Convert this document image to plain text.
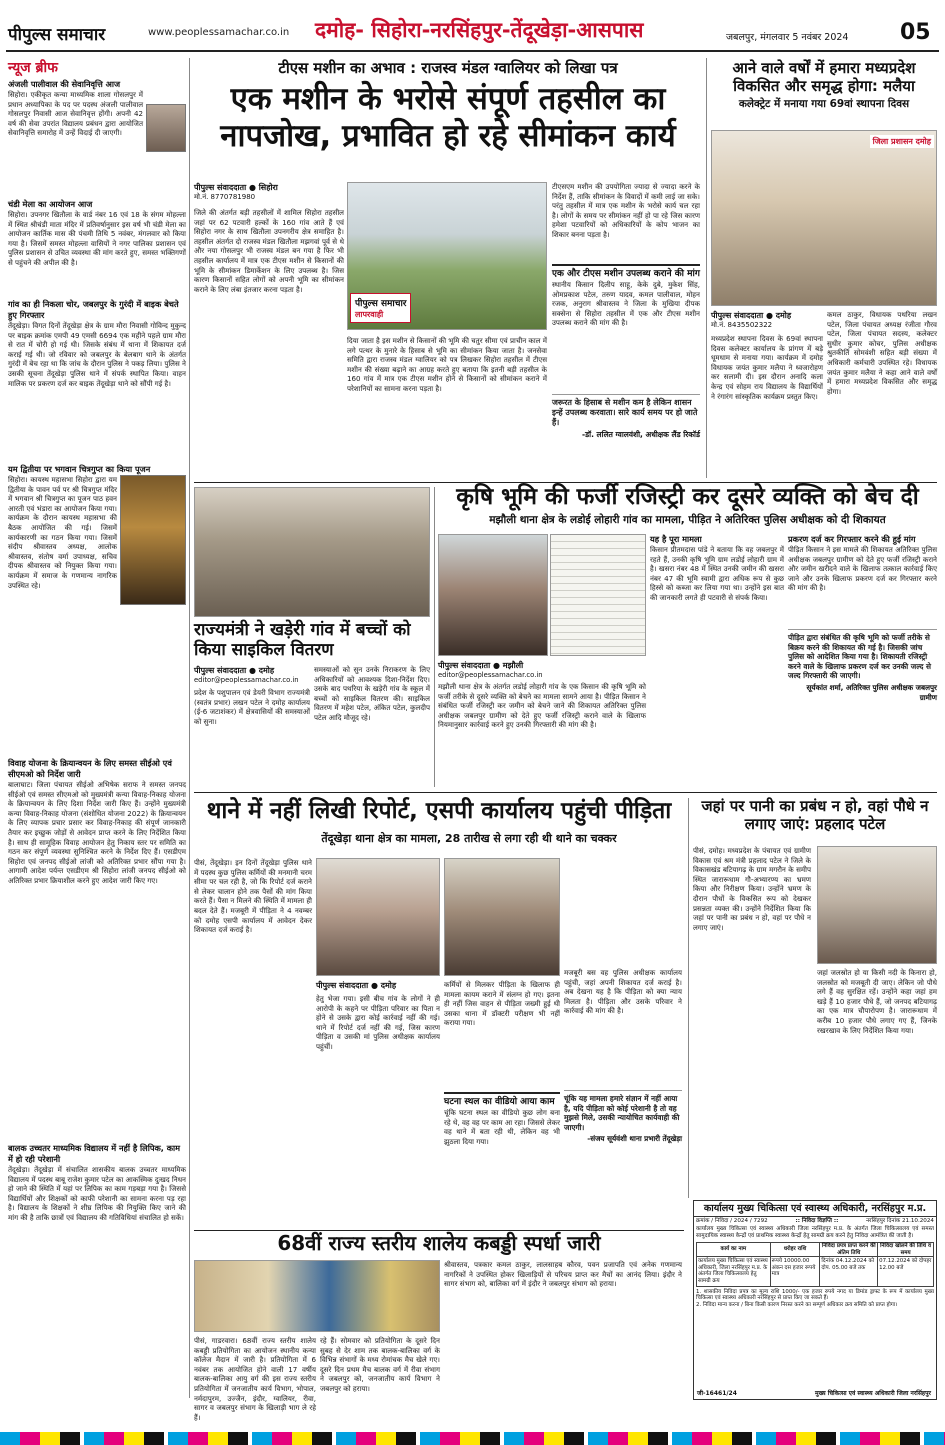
पीपुल्स समाचार	www.peoplessamachar.co.in दमोह- सिहोरा-नरसिंहपुर-तेंदूखेड़ा-आसपास	जबलपुर, मंगलवार 5 नवंबर 2024 05
न्यूज ब्रीफ
अंजली पालीवाल की सेवानिवृत्ति आज
सिहोरा। एकीकृत कन्या माध्यमिक शाला गोसलपुर में प्रधान अध्यापिका के पद पर पदस्थ अंजली पालीवाल गोसलपुर निवासी आज सेवानिवृत्त होंगी। अपनी 42 वर्ष की सेवा उपरांत विद्यालय प्रबंधन द्वारा आयोजित सेवानिवृत्ति समारोह में उन्हें विदाई दी जाएगी।
चंडी मेला का आयोजन आज
सिहोरा। उपनगर खितौला के वार्ड नंबर 16 एवं 18 के संगम मोहल्ला में स्थित श्रीचंडी माता मंदिर में प्रतिवर्षानुसार इस वर्ष भी चंडी मेला का आयोजन कार्तिक मास की पंचमी तिथि 5 नवंबर, मंगलवार को किया गया है। जिसमें समस्त मोहल्ला वासियों ने नगर पालिका प्रशासन एवं पुलिस प्रशासन से उचित व्यवस्था की मांग करते हुए, समस्त भक्तिगणों से पहुंचने की अपील की है।
गांव का ही निकला चोर, जबलपुर के गुरंदी में बाइक बेचते हुए गिरफ्तार
तेंदूखेड़ा। विगत दिनों तेंदूखेड़ा क्षेत्र के ग्राम मौरा निवासी गोविन्द मुकुन्द पर बाइक क्रमांक एमपी 49 एमसी 6694 एक महीने पहले ग्राम मौरा से रात में चोरी हो गई थी। जिसके संबंध में थाना में शिकायत दर्ज कराई गई थी। जो रविवार को जबलपुर के बेलबाग थाने के अंतर्गत गुरंदी में बेच रहा था कि जांच के दौरान पुलिस ने पकड़ लिया। पुलिस ने उसकी सूचना तेंदूखेड़ा पुलिस थाने में संपर्क स्थापित किया। वाहन मालिक पर प्रकरण दर्ज कर बाइक तेंदूखेड़ा थाने को सौंपी गई है।
यम द्वितीया पर भगवान चित्रगुप्त का किया पूजन
सिहोरा। कायस्थ महासभा सिहोरा द्वारा यम द्वितीया के पावन पर्व पर श्री चित्रगुप्त मंदिर में भगवान श्री चित्रगुप्त का पूजन पाठ हवन आरती एवं भंडारा का आयोजन किया गया। कार्यक्रम के दौरान कायस्थ महासभा की बैठक आयोजित की गई। जिसमें कार्यकारणी का गठन किया गया। जिसमें संदीप श्रीवास्तव अध्यक्ष, आलोक श्रीवास्तव, संतोष वर्मा उपाध्यक्ष, सचिव दीपक श्रीवास्तव को नियुक्त किया गया। कार्यक्रम में समाज के गणमान्य नागरिक उपस्थित रहे।
विवाह योजना के क्रियान्वयन के लिए समस्त सीईओ एवं सीएमओ को निर्देश जारी
बालाघाट। जिला पंचायत सीईओ अभिषेक सराफ ने समस्त जनपद सीईओ एवं समस्त सीएमओ को मुख्यमंत्री कन्या विवाह-निकाह योजना के क्रियान्वयन के लिए दिशा निर्देश जारी किए हैं। उन्होंने मुख्यमंत्री कन्या विवाह-निकाह योजना (संशोधित योजना 2022) के क्रियान्वयन के लिए व्यापक प्रचार प्रसार कर विवाह-निकाह की संपूर्ण जानकारी तैयार कर इच्छुक जोड़ों से आवेदन प्राप्त करने के लिए निर्देशित किया है। साथ ही सामूहिक विवाह आयोजन हेतु निकाय स्तर पर समिति का गठन कर संपूर्ण व्यवस्था सुनिश्चित करने के निर्देश दिए हैं। एसडीएम सिहोरा एवं जनपद सीईओ लांजी को अतिरिक्त प्रभार सौंपा गया है। आगामी आदेश पर्यन्त एसडीएम श्री सिहोरा लांजी जनपद सीईओ को अतिरिक्त प्रभार क्रियाशील करने हुए आदेश जारी किए गए।
बालक उच्चतर माध्यमिक विद्यालय में नहीं है लिपिक, काम में हो रही परेशानी
तेंदूखेड़ा। तेंदूखेड़ा में संचालित शासकीय बालक उच्चतर माध्यमिक विद्यालय में पदस्थ बाबू राजेश कुमार पटेल का आकस्मिक दुःखद निधन हो जाने की स्थिति में यहां पर लिपिक का काम गड़बड़ा गया है। जिससे विद्यार्थियों और शिक्षकों को काफी परेशानी का सामना करना पड़ रहा है। विद्यालय के शिक्षकों ने शीघ्र लिपिक की नियुक्ति किए जाने की मांग की है ताकि छात्रों एवं विद्यालय की गतिविधियां संचालित हो सकें।
टीएस मशीन का अभाव : राजस्व मंडल ग्वालियर को लिखा पत्र
एक मशीन के भरोसे संपूर्ण तहसील का नापजोख, प्रभावित हो रहे सीमांकन कार्य
पीपुल्स संवाददाता ● सिहोरा
मो.नं. 8770781980
जिले की अंतर्गत बड़ी तहसीलों में शामिल सिहोरा तहसील जहां पर 62 पटवारी हल्कों के 160 गांव आते हैं एवं सिहोरा नगर के साथ खितौला उपनगरीय क्षेत्र समाहित है। तहसील अंतर्गत दो राजस्व मंडल खितौला मझगवां पूर्व से थे और नया गोसलपुर भी राजस्व मंडल बन गया है फिर भी तहसील कार्यालय में मात्र एक टीएस मशीन से किसानों की भूमि के सीमांकन डिमार्केशन के लिए उपलब्ध है। जिस कारण किसानों सहित लोगों को अपनी भूमि का सीमांकन कराने के लिए लंबा इंतजार करना पड़ता है।
पीपुल्स समाचार
लापरवाही
दिया जाता है इस मशीन से किसानों की भूमि की चतुर सीमा एवं प्राचीन काल में लगे पत्थर के मुनारे के हिसाब से भूमि का सीमांकन किया जाता है। जनसेवा समिति द्वारा राजस्व मंडल ग्वालियर को पत्र लिखकर सिहोरा तहसील में टीएस मशीन की संख्या बढ़ाने का आग्रह करते हुए बताया कि इतनी बड़ी तहसील के 160 गांव में मात्र एक टीएस मशीन होने से किसानों को सीमांकन कराने में परेशानियों का सामना करना पड़ता है।
टीएसएम मशीन की उपयोगिता ज्यादा से ज्यादा करने के निर्देश हैं, ताकि सीमांकन के विवादों में कमी लाई जा सके। परंतु तहसील में मात्र एक मशीन के भरोसे कार्य चल रहा है। लोगों के समय पर सीमांकन नहीं हो पा रहे जिस कारण हमेशा पटवारियों को अधिकारियों के कोप भाजन का शिकार बनना पड़ता है।
एक और टीएस मशीन उपलब्ध कराने की मांग
स्थानीय किसान दिलीप साहू, केके दुबे, मुकेश सिंह, ओमप्रकाश पटेल, तरुण यादव, कमल पालीवाल, मोहन रजक, अनुराग श्रीवास्तव ने जिला के मुखिया दीपक सक्सेना से सिहोरा तहसील में एक और टीएस मशीन उपलब्ध कराने की मांग की है।
जरूरत के हिसाब से मशीन कम है लेकिन शासन इन्हें उपलब्ध करवाता। सारे कार्य समय पर हो जाते हैं।
-डॉ. ललित ग्वालवंशी, अधीक्षक लैंड रिकॉर्ड
आने वाले वर्षों में हमारा मध्यप्रदेश विकसित और समृद्ध होगा: मलैया
कलेक्ट्रेट में मनाया गया 69वां स्थापना दिवस
जिला प्रशासन दमोह
पीपुल्स संवाददाता ● दमोह
मो.नं. 8435502322
मध्यप्रदेश स्थापना दिवस के 69वां स्थापना दिवस कलेक्टर कार्यालय के प्रांगण में बड़े धूमधाम से मनाया गया। कार्यक्रम में दमोह विधायक जयंत कुमार मलैया ने ध्वजारोहण कर सलामी दी। इस दौरान अनादि कला केन्द्र एवं सोहम राय विद्यालय के विद्यार्थियों ने रंगारंग सांस्कृतिक कार्यक्रम प्रस्तुत किए।
कमल ठाकुर, विधायक पथरिया लखन पटेल, जिला पंचायत अध्यक्ष रंजीता गौरव पटेल, जिला पंचायत सदस्य, कलेक्टर सुधीर कुमार कोचर, पुलिस अधीक्षक श्रुतकीर्ति सोमवंशी सहित बड़ी संख्या में अधिकारी कर्मचारी उपस्थित रहे। विधायक जयंत कुमार मलैया ने कहा आने वाले वर्षों में हमारा मध्यप्रदेश विकसित और समृद्ध होगा।
राज्यमंत्री ने खड़ेरी गांव में बच्चों को किया साइकिल वितरण
पीपुल्स संवाददाता ● दमोह
editor@peoplessamachar.co.in
प्रदेश के पशुपालन एवं डेयरी विभाग राज्यमंत्री (स्वतंत्र प्रभार) लखन पटेल ने दमोह कार्यालय (ई-6 जटाशंकर) में क्षेत्रवासियों की समस्याओं को सुना।
समस्याओं को सुन उनके निराकरण के लिए अधिकारियों को आवश्यक दिशा-निर्देश दिए। उसके बाद पथरिया के खड़ेरी गांव के स्कूल में बच्चों को साइकिल वितरण की। साइकिल वितरण में महेश पटेल, अंकित पटेल, कुलदीप पटेल आदि मौजूद रहे।
कृषि भूमि की फर्जी रजिस्ट्री कर दूसरे व्यक्ति को बेच दी
मझौली थाना क्षेत्र के लडोई लोहारी गांव का मामला, पीड़ित ने अतिरिक्त पुलिस अधीक्षक को दी शिकायत
पीपुल्स संवाददाता ● मझौली
editor@peoplessamachar.co.in
मझौली थाना क्षेत्र के अंतर्गत लडोई लोहारी गांव के एक किसान की कृषि भूमि को फर्जी तरीके से दूसरे व्यक्ति को बेचने का मामला सामने आया है। पीड़ित किसान ने संबंधित फर्जी रजिस्ट्री कर जमीन को बेचने जाने की शिकायत अतिरिक्त पुलिस अधीक्षक जबलपुर ग्रामीण को देते हुए फर्जी रजिस्ट्री कराने वाले के खिलाफ नियमानुसार कार्रवाई करने हुए उनकी गिरफ्तारी की मांग की है।
यह है पूरा मामला
किसान प्रीतमदास पांडे ने बताया कि वह जबलपुर में रहते हैं, उनकी कृषि भूमि ग्राम लडोई लोहारी ग्राम में है। खसरा नंबर 48 में स्थित उनकी जमीन की खसरा नंबर 47 की भूमि स्वामी द्वारा अधिक रूप से कुछ हिस्से को कब्जा कर लिया गया था। उन्होंने इस बात की जानकारी लगते ही पटवारी से संपर्क किया।
प्रकरण दर्ज कर गिरफ्तार करने की हुई मांग
पीड़ित किसान ने इस मामले की शिकायत अतिरिक्त पुलिस अधीक्षक जबलपुर ग्रामीण को देते हुए फर्जी रजिस्ट्री कराने और जमीन खरीदने वाले के खिलाफ तत्काल कार्रवाई किए जाने और उनके खिलाफ प्रकरण दर्ज कर गिरफ्तार करने की मांग की है।
पीड़ित द्वारा संबंधित की कृषि भूमि को फर्जी तरीके से बिक्रय करने की शिकायत की गई है। जिसकी जांच पुलिस को आदेशित किया गया है। शिकायती रजिस्ट्री करने वाले के खिलाफ प्रकरण दर्ज कर उनकी जल्द से जल्द गिरफ्तारी की जाएगी।
सूर्यकांत शर्मा, अतिरिक्त पुलिस अधीक्षक जबलपुर ग्रामीण
थाने में नहीं लिखी रिपोर्ट, एसपी कार्यालय पहुंची पीड़िता
तेंदूखेड़ा थाना क्षेत्र का मामला, 28 तारीख से लगा रही थी थाने का चक्कर
पीसं, तेंदूखेड़ा। इन दिनों तेंदूखेड़ा पुलिस थाने में पदस्थ कुछ पुलिस कर्मियों की मनमानी चरम सीमा पर चल रही है, जो कि रिपोर्ट दर्ज कराने से लेकर चालान होने तक पैसों की मांग किया करते हैं। पैसा न मिलने की स्थिति में मामला ही बदल देते हैं। मजबूरी में पीड़िता ने 4 नवम्बर को दमोह एसपी कार्यालय में आवेदन देकर शिकायत दर्ज कराई है।
पीपुल्स संवाददाता ● दमोह
हेतु भेजा गया। इसी बीच गांव के लोगों ने ही आरोपी के कहने पर पीड़िता परिवार का पिता न होने से उसके द्वारा कोई कार्रवाई नहीं की गई। थाने में रिपोर्ट दर्ज नहीं की गई, जिस कारण पीड़िता व उसकी मां पुलिस अधीक्षक कार्यालय पहुंचीं।
कर्मियों से मिलकर पीड़िता के खिलाफ ही मामला कायम कराने में संलग्न हो गए। इतना ही नहीं जिस वाहन से पीड़िता जख्मी हुई थी उसका थाना में डॉक्टरी परीक्षण भी नहीं कराया गया।
घटना स्थल का वीडियो आया काम
चूंकि घटना स्थल का वीडियो कुछ लोग बना रहे थे, वह वह पर काम आ रहा। जिससे लेकर वह थाने में बता रही थी, लेकिन वह भी झुठला दिया गया।
मजबूरी बस वह पुलिस अधीक्षक कार्यालय पहुंची, जहां अपनी शिकायत दर्ज कराई है। अब देखना यह है कि पीड़िता को क्या न्याय मिलता है। पीड़िता और उसके परिवार ने कार्रवाई की मांग की है।
चूंकि यह मामला हमारे संज्ञान में नहीं आया है, यदि पीड़िता को कोई परेशानी है तो वह मुझसे मिले, उसकी न्यायोचित कार्यवाही की जाएगी।
-संजय सूर्यवंशी थाना प्रभारी तेंदूखेड़ा
जहां पर पानी का प्रबंध न हो, वहां पौधे न लगाए जाएं: प्रहलाद पटेल
पीसं, दमोह। मध्यप्रदेश के पंचायत एवं ग्रामीण विकास एवं श्रम मंत्री प्रहलाद पटेल ने जिले के विकासखंड बटियागढ़ के ग्राम मगरौन के समीप स्थित जारारूधाम गौ-अभ्यारण्य का भ्रमण किया और निरीक्षण किया। उन्होंने भ्रमण के दौरान पौधों के विकसित रूप को देखकर प्रसन्नता व्यक्त की। उन्होंने निर्देशित किया कि जहां पर पानी का प्रबंध न हो, वहां पर पौधे न लगाए जाएं।
जहां जलस्रोत हो या किसी नदी के किनारा हो, जलस्रोत को मजबूती दी जाए। लेकिन जो पौधे लगे हैं वह सुरक्षित रहें। उन्होंने कहा जहां हम खड़े हैं 10 हजार पौधे हैं, जो जनपद बटियागढ़ का एक मात्र चौपारोपण है। जारारूधाम में करीब 10 हजार पौधे लगाए गए हैं, जिनके रखरखाव के लिए निर्देशित किया गया।
68वीं राज्य स्तरीय शालेय कबड्डी स्पर्धा जारी
पीसं, गाडरवारा। 68वीं राज्य स्तरीय शालेय कबड्डी प्रतियोगिता का आयोजन स्थानीय कन्या कॉलेज मैदान में जारी है। प्रतियोगिता में 6 नवंबर तक आयोजित होने वाली 17 वर्षीय बालक-बालिका आयु वर्ग की इस राज्य स्तरीय प्रतियोगिता में जनजातीय कार्य विभाग, भोपाल, नर्मदापुरम, उज्जैन, इंदौर, ग्वालियर, रीवा, सागर व जबलपुर संभाग के खिलाड़ी भाग ले रहे हैं।
रहे हैं। सोमवार को प्रतियोगिता के दूसरे दिन सुबह से देर शाम तक बालक-बालिका वर्ग के विभिन्न संभागों के मध्य रोमांचक मैच खेले गए। दूसरे दिन प्रथम मैच बालक वर्ग में रीवा संभाग ने जबलपुर को, जनजातीय कार्य विभाग ने जबलपुर को हराया।
श्रीवास्तव, पत्रकार कमल ठाकुर, लालसाहब कौरव, पवन प्रजापति एवं अनेक गणमान्य नागरिकों ने उपस्थित होकर खिलाड़ियों से परिचय प्राप्त कर मैचों का आनंद लिया। इंदौर ने सागर संभाग को, बालिका वर्ग में इंदौर ने जबलपुर संभाग को हराया।
कार्यालय मुख्य चिकित्सा एवं स्वास्थ्य अधिकारी, नरसिंहपुर म.प्र.
क्रमांक / निविदा / 2024 / 7292	:: निविदा विज्ञप्ति ::	नरसिंहपुर दिनांक 21.10.2024
कार्यालय मुख्य चिकित्सा एवं स्वास्थ्य अधिकारी जिला नरसिंहपुर म.प्र. के अंतर्गत जिला चिकित्सालय एवं समस्त सामुदायिक स्वास्थ्य केन्द्रों एवं प्राथमिक स्वास्थ्य केन्द्रों हेतु सामग्री क्रय करने हेतु निविदा आमंत्रित की जाती है।
कार्य का नाम	धरोहर राशि	निविदा प्रपत्र प्राप्त करने की अंतिम तिथि	निविदा खोलने की तिथि व समय
कार्यालय मुख्य चिकित्सा एवं स्वास्थ्य अधिकारी, जिला नरसिंहपुर म.प्र. के अंतर्गत जिला चिकित्सालय हेतु सामग्री क्रय	रूपये 10000.00 अंकन दस हजार रूपये मात्र	दिनांक 04.12.2024 को दोप. 05.00 बजे तक	07.12.2024 को दोपहर 12.00 बजे
1. शासकीय निविदा प्रपत्र का मूल्य राशि 1000/- एक हजार रुपये नगद या डिमांड ड्राफ्ट के रूप में कार्यालय मुख्य चिकित्सा एवं स्वास्थ्य अधिकारी नरसिंहपुर से प्राप्त किए जा सकते हैं।
2. निविदा मान्य करना / बिना किसी कारण निरस्त करने का सम्पूर्ण अधिकार क्रय समिति को प्राप्त होगा।
जी-16461/24	मुख्य चिकित्सा एवं स्वास्थ्य अधिकारी जिला नरसिंहपुर
